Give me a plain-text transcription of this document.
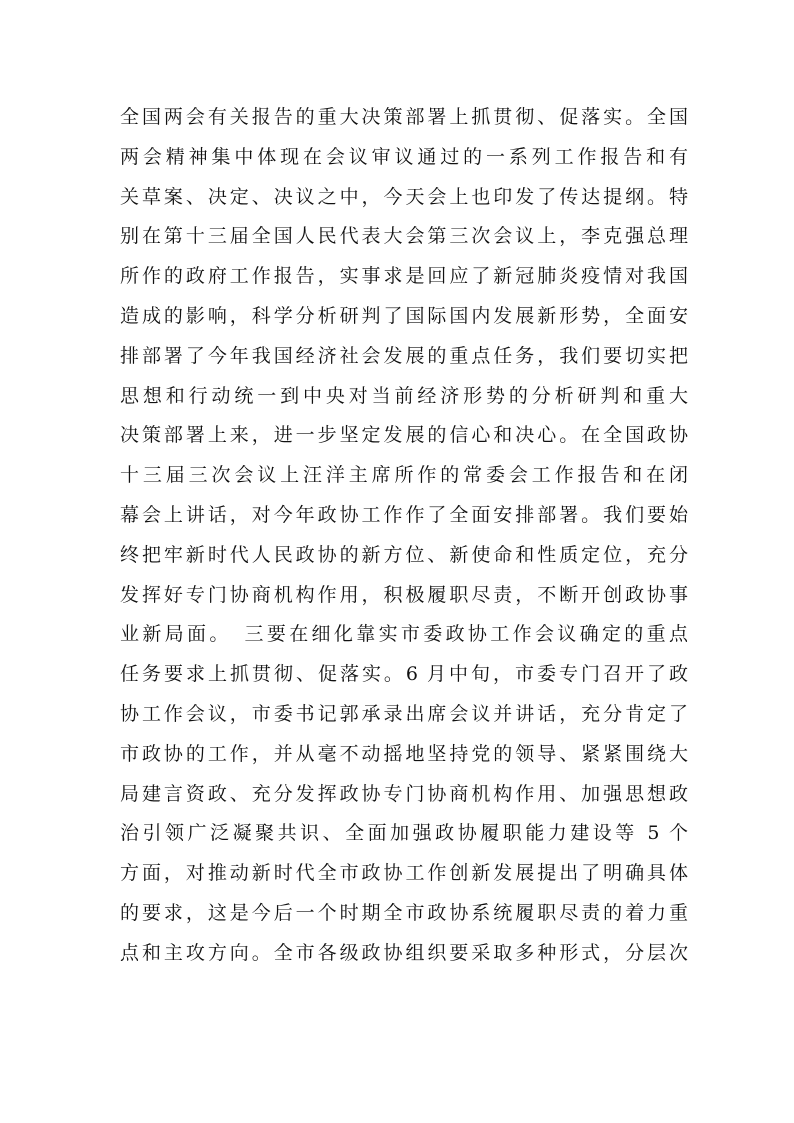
全国两会有关报告的重大决策部署上抓贯彻、促落实。全国
两会精神集中体现在会议审议通过的一系列工作报告和有
关草案、决定、决议之中，今天会上也印发了传达提纲。特
别在第十三届全国人民代表大会第三次会议上，李克强总理
所作的政府工作报告，实事求是回应了新冠肺炎疫情对我国
造成的影响，科学分析研判了国际国内发展新形势，全面安
排部署了今年我国经济社会发展的重点任务，我们要切实把
思想和行动统一到中央对当前经济形势的分析研判和重大
决策部署上来，进一步坚定发展的信心和决心。在全国政协
十三届三次会议上汪洋主席所作的常委会工作报告和在闭
幕会上讲话，对今年政协工作作了全面安排部署。我们要始
终把牢新时代人民政协的新方位、新使命和性质定位，充分
发挥好专门协商机构作用，积极履职尽责，不断开创政协事
业新局面。　三要在细化靠实市委政协工作会议确定的重点
任务要求上抓贯彻、促落实。6 月中旬，市委专门召开了政
协工作会议，市委书记郭承录出席会议并讲话，充分肯定了
市政协的工作，并从毫不动摇地坚持党的领导、紧紧围绕大
局建言资政、充分发挥政协专门协商机构作用、加强思想政
治引领广泛凝聚共识、全面加强政协履职能力建设等 5 个
方面，对推动新时代全市政协工作创新发展提出了明确具体
的要求，这是今后一个时期全市政协系统履职尽责的着力重
点和主攻方向。全市各级政协组织要采取多种形式，分层次
